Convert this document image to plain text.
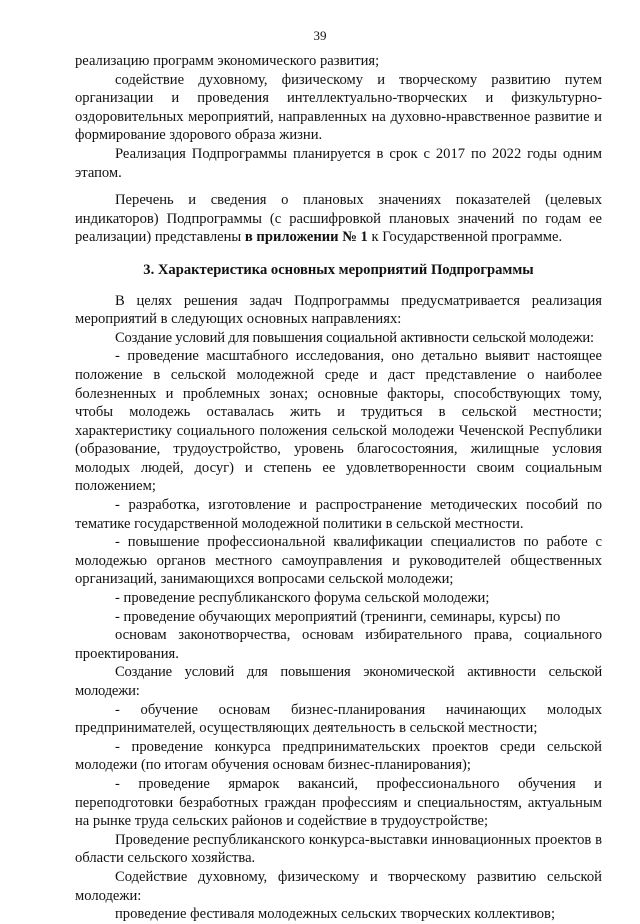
39

реализацию программ экономического развития;

содействие духовному, физическому и творческому развитию путем организации и проведения интеллектуально-творческих и физкультурно-оздоровительных мероприятий, направленных на духовно-нравственное развитие и формирование здорового образа жизни.

Реализация Подпрограммы планируется в срок с 2017 по 2022 годы одним этапом.

Перечень и сведения о плановых значениях показателей (целевых индикаторов) Подпрограммы (с расшифровкой плановых значений по годам ее реализации) представлены в приложении № 1 к Государственной программе.

3. Характеристика основных мероприятий Подпрограммы

В целях решения задач Подпрограммы предусматривается реализация мероприятий в следующих основных направлениях:

Создание условий для повышения социальной активности сельской молодежи:

- проведение масштабного исследования, оно детально выявит настоящее положение в сельской молодежной среде и даст представление о наиболее болезненных и проблемных зонах; основные факторы, способствующих тому, чтобы молодежь оставалась жить и трудиться в сельской местности; характеристику социального положения сельской молодежи Чеченской Республики (образование, трудоустройство, уровень благосостояния, жилищные условия молодых людей, досуг) и степень ее удовлетворенности своим социальным положением;

- разработка, изготовление и распространение методических пособий по тематике государственной молодежной политики в сельской местности.

- повышение профессиональной квалификации специалистов по работе с молодежью органов местного самоуправления и руководителей общественных организаций, занимающихся вопросами сельской молодежи;

- проведение республиканского форума сельской молодежи;

- проведение обучающих мероприятий (тренинги, семинары, курсы) по

основам законотворчества, основам избирательного права, социального проектирования.

Создание условий для повышения экономической активности сельской молодежи:

- обучение основам бизнес-планирования начинающих молодых предпринимателей, осуществляющих деятельность в сельской местности;

- проведение конкурса предпринимательских проектов среди сельской молодежи (по итогам обучения основам бизнес-планирования);

- проведение ярмарок вакансий, профессионального обучения и переподготовки безработных граждан профессиям и специальностям, актуальным на рынке труда сельских районов и содействие в трудоустройстве;

Проведение республиканского конкурса-выставки инновационных проектов в области сельского хозяйства.

Содействие духовному, физическому и творческому развитию сельской молодежи:

проведение фестиваля молодежных сельских творческих коллективов;
